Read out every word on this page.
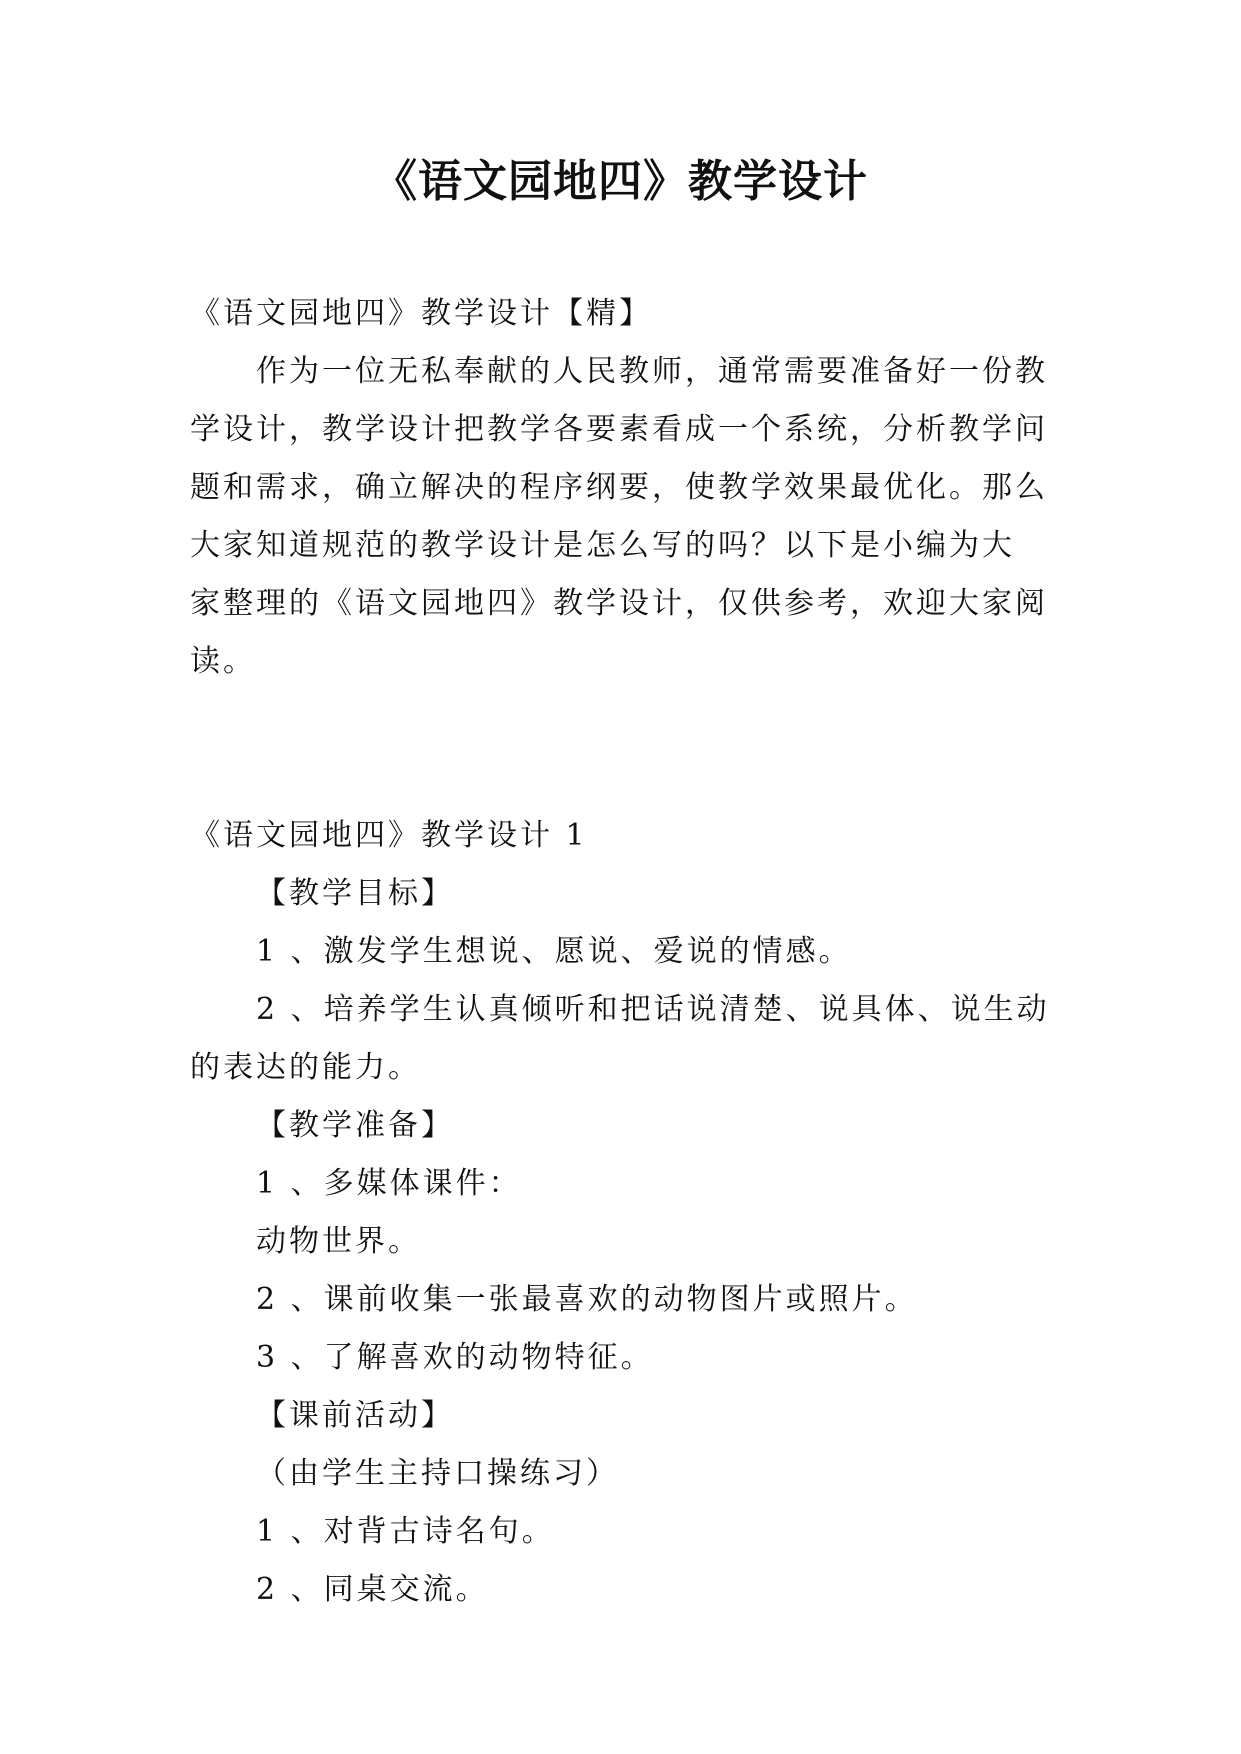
《语文园地四》教学设计
《语文园地四》教学设计【精】
作为一位无私奉献的人民教师，通常需要准备好一份教
学设计，教学设计把教学各要素看成一个系统，分析教学问
题和需求，确立解决的程序纲要，使教学效果最优化。那么
大家知道规范的教学设计是怎么写的吗？以下是小编为大
家整理的《语文园地四》教学设计，仅供参考，欢迎大家阅
读。
《语文园地四》教学设计 1
【教学目标】
1 、激发学生想说、愿说、爱说的情感。
2 、培养学生认真倾听和把话说清楚、说具体、说生动
的表达的能力。
【教学准备】
1 、多媒体课件：
动物世界。
2 、课前收集一张最喜欢的动物图片或照片。
3 、了解喜欢的动物特征。
【课前活动】
（由学生主持口操练习）
1 、对背古诗名句。
2 、同桌交流。
